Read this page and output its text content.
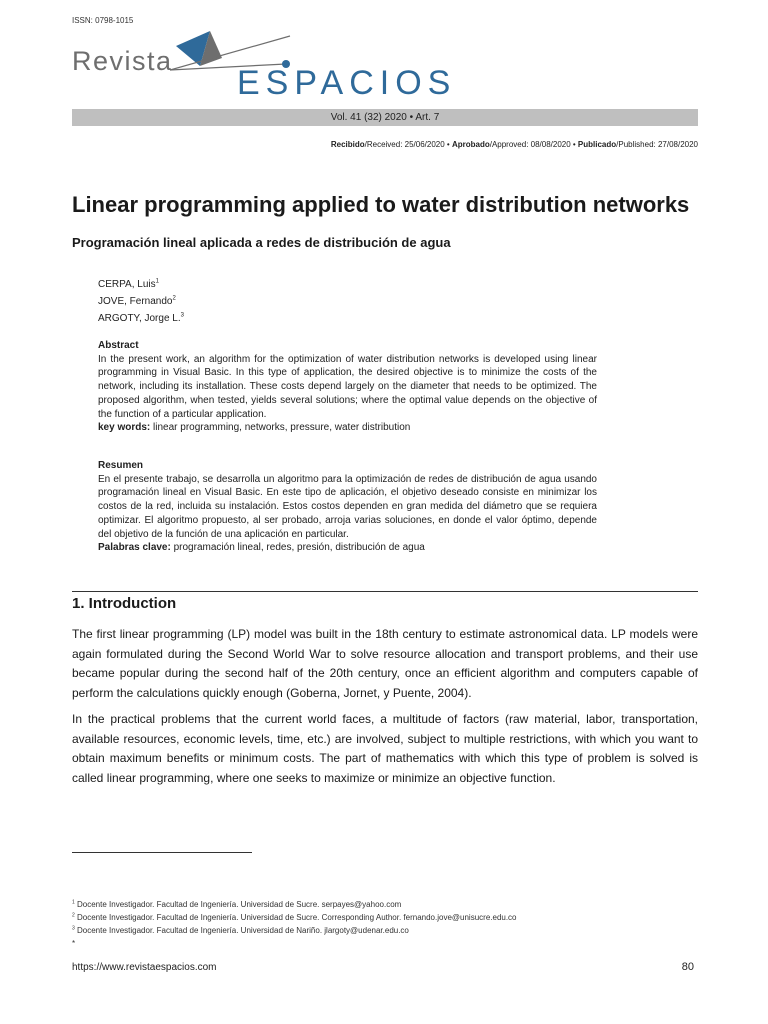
ISSN: 0798-1015
Revista
ESPACIOS
Vol. 41 (32) 2020 • Art. 7
Recibido/Received: 25/06/2020 • Aprobado/Approved: 08/08/2020 • Publicado/Published: 27/08/2020
Linear programming applied to water distribution networks
Programación lineal aplicada a redes de distribución de agua
CERPA, Luis$^1$
JOVE, Fernando$^2$
ARGOTY, Jorge L.$^3$
Abstract
In the present work, an algorithm for the optimization of water distribution networks is developed using linear programming in Visual Basic. In this type of application, the desired objective is to minimize the costs of the network, including its installation. These costs depend largely on the diameter that needs to be optimized. The proposed algorithm, when tested, yields several solutions; where the optimal value depends on the objective of the function of a particular application.
key words: linear programming, networks, pressure, water distribution
Resumen
En el presente trabajo, se desarrolla un algoritmo para la optimización de redes de distribución de agua usando programación lineal en Visual Basic. En este tipo de aplicación, el objetivo deseado consiste en minimizar los costos de la red, incluida su instalación. Estos costos dependen en gran medida del diámetro que se requiera optimizar. El algoritmo propuesto, al ser probado, arroja varias soluciones, en donde el valor óptimo, depende del objetivo de la función de una aplicación en particular.
Palabras clave: programación lineal, redes, presión, distribución de agua
1. Introduction
The first linear programming (LP) model was built in the 18th century to estimate astronomical data. LP models were again formulated during the Second World War to solve resource allocation and transport problems, and their use became popular during the second half of the 20th century, once an efficient algorithm and computers capable of perform the calculations quickly enough (Goberna, Jornet, y Puente, 2004).
In the practical problems that the current world faces, a multitude of factors (raw material, labor, transportation, available resources, economic levels, time, etc.) are involved, subject to multiple restrictions, with which you want to obtain maximum benefits or minimum costs. The part of mathematics with which this type of problem is solved is called linear programming, where one seeks to maximize or minimize an objective function.
$^1$ Docente Investigador. Facultad de Ingeniería. Universidad de Sucre. serpayes@yahoo.com
$^2$ Docente Investigador. Facultad de Ingeniería. Universidad de Sucre. Corresponding Author. fernando.jove@unisucre.edu.co
$^3$ Docente Investigador. Facultad de Ingeniería. Universidad de Nariño. jlargoty@udenar.edu.co
*
https://www.revistaespacios.com	80
